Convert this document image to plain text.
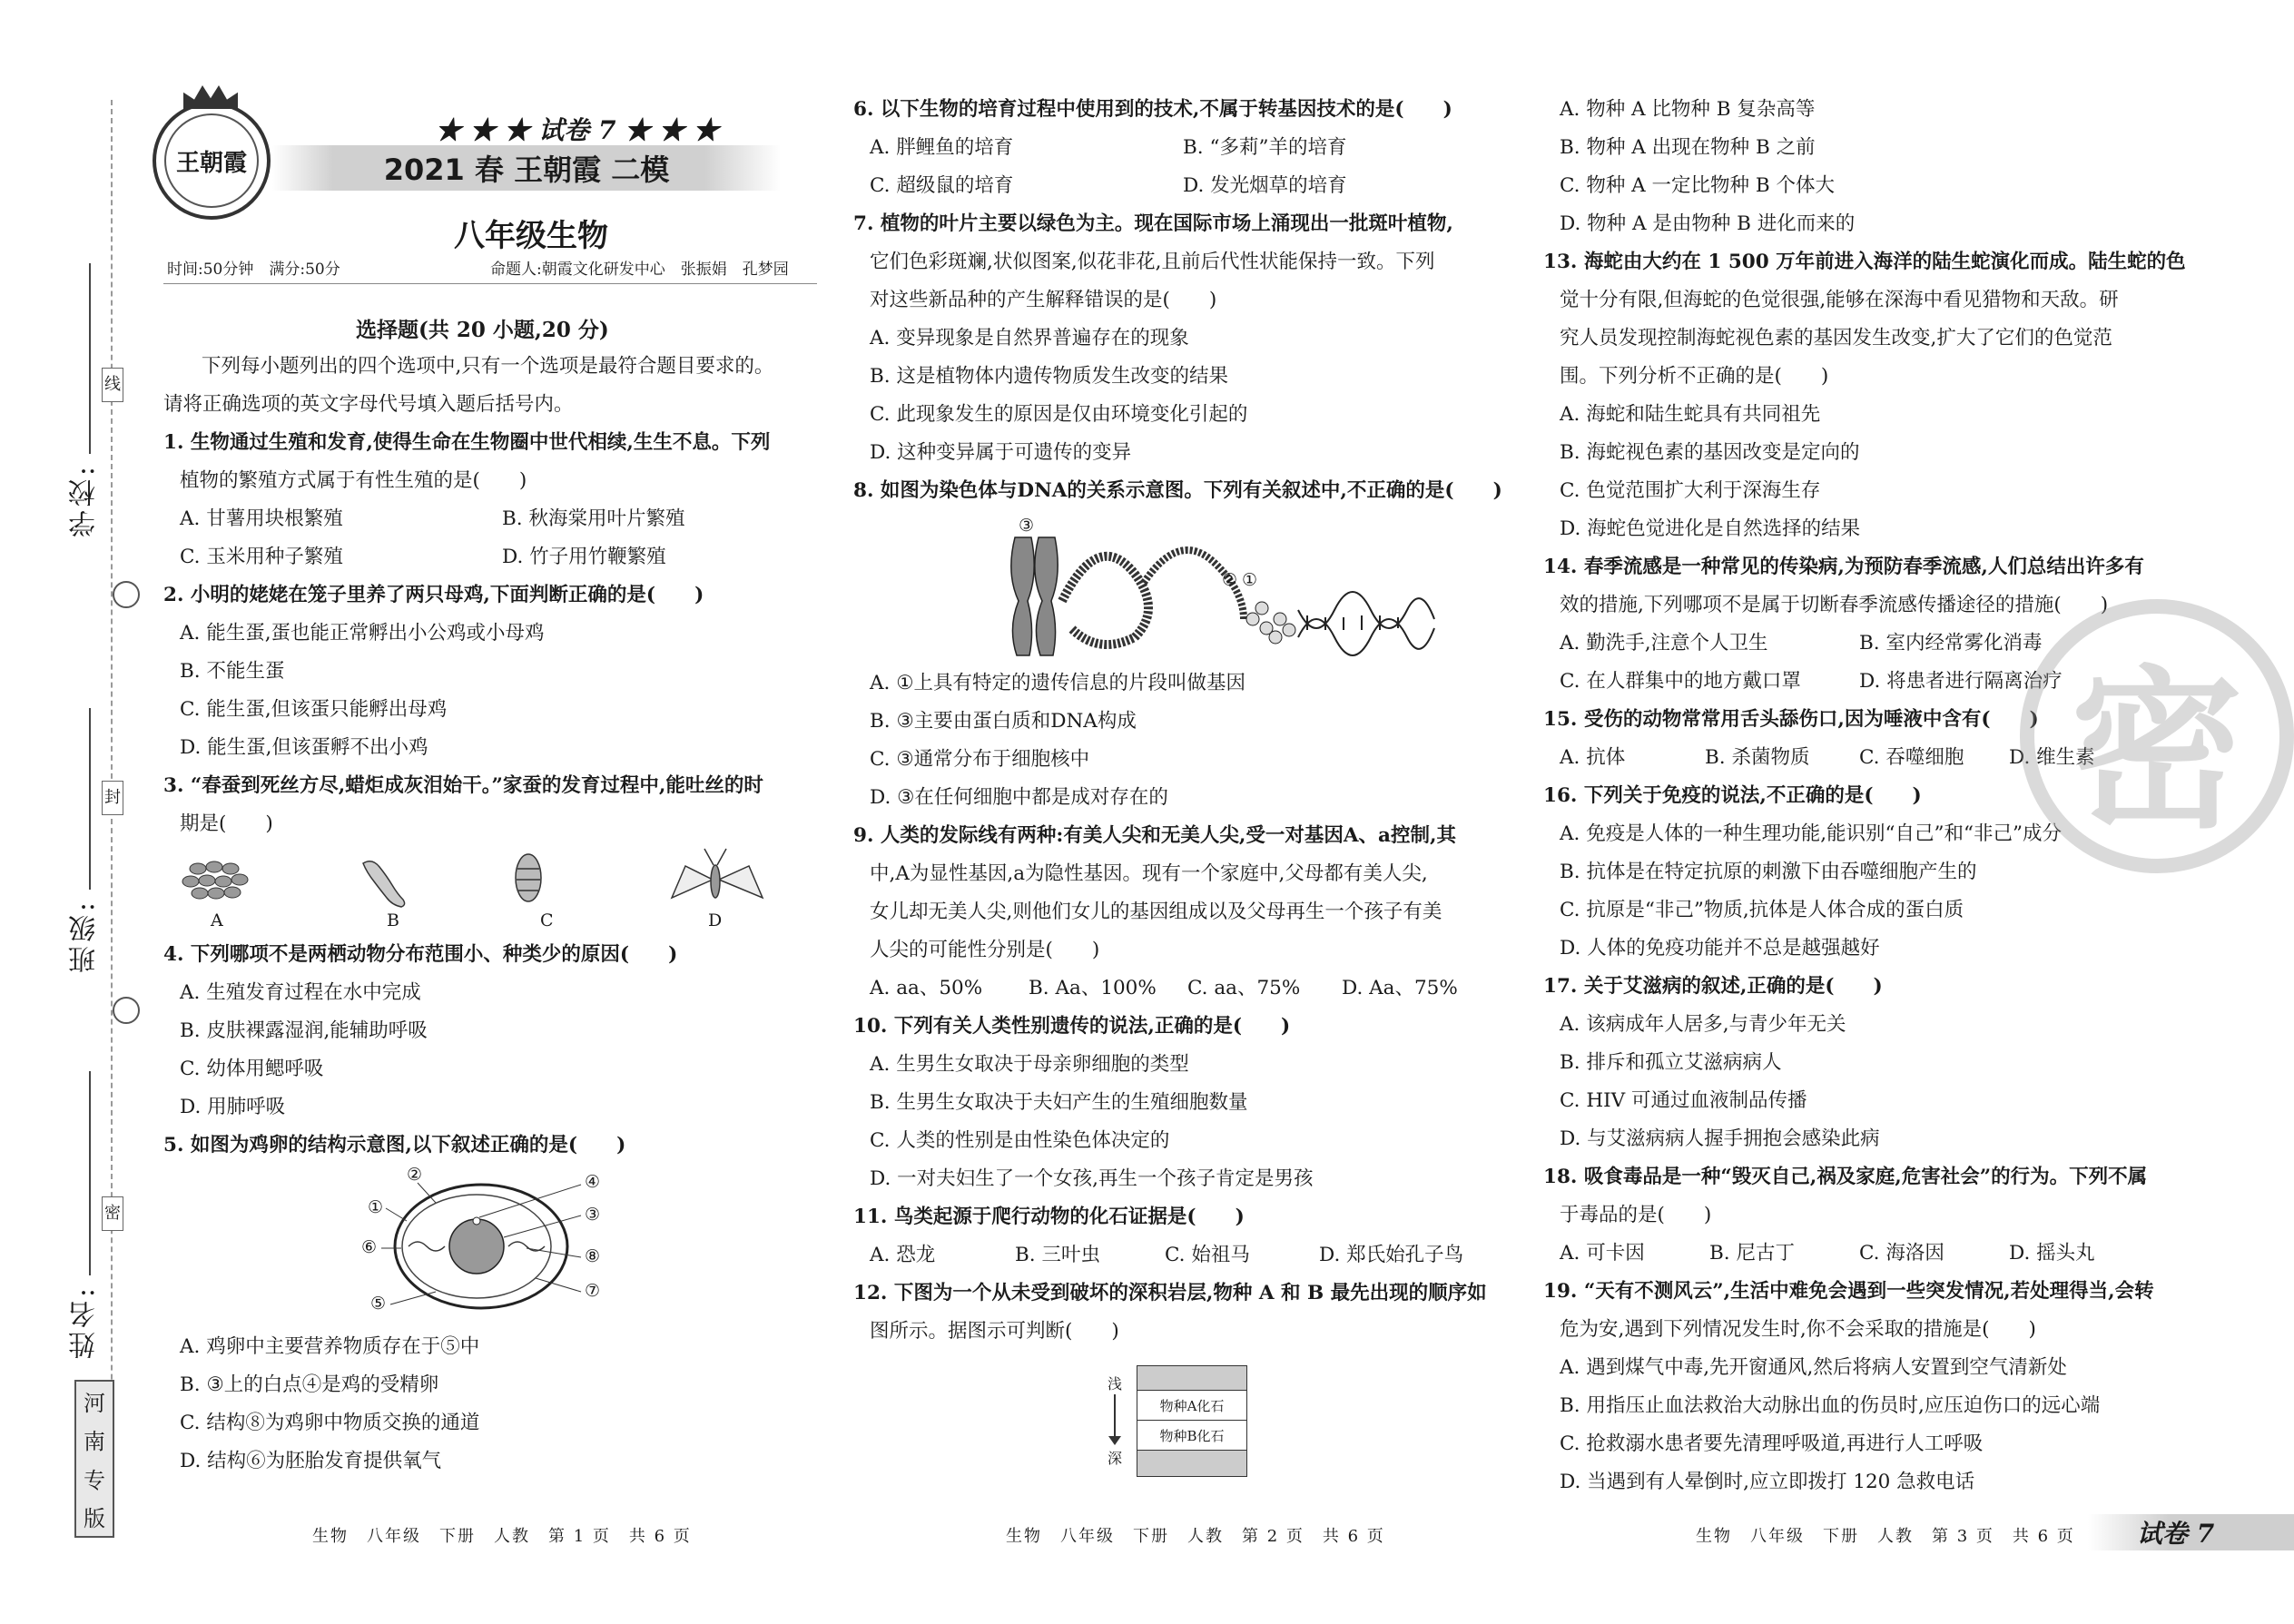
学校:
线
班级:
封
姓名:
密
河
南
专
版
王朝霞
★ ★ ★ 试卷 7 ★ ★ ★
2021 春 王朝霞 二模
八年级生物
时间:50分钟　满分:50分	命题人:朝霞文化研发中心　张振娟　孔梦园
选择题(共 20 小题,20 分)
下列每小题列出的四个选项中,只有一个选项是最符合题目要求的。
请将正确选项的英文字母代号填入题后括号内。
1. 生物通过生殖和发育,使得生命在生物圈中世代相续,生生不息。下列
植物的繁殖方式属于有性生殖的是(　　)
A. 甘薯用块根繁殖	B. 秋海棠用叶片繁殖
C. 玉米用种子繁殖	D. 竹子用竹鞭繁殖
2. 小明的姥姥在笼子里养了两只母鸡,下面判断正确的是(　　)
A. 能生蛋,蛋也能正常孵出小公鸡或小母鸡
B. 不能生蛋
C. 能生蛋,但该蛋只能孵出母鸡
D. 能生蛋,但该蛋孵不出小鸡
3. “春蚕到死丝方尽,蜡炬成灰泪始干。”家蚕的发育过程中,能吐丝的时
期是(　　)
A	B	C	D
4. 下列哪项不是两栖动物分布范围小、种类少的原因(　　)
A. 生殖发育过程在水中完成
B. 皮肤裸露湿润,能辅助呼吸
C. 幼体用鳃呼吸
D. 用肺呼吸
5. 如图为鸡卵的结构示意图,以下叙述正确的是(　　)
②
①
⑥
⑤
④
③
⑧
⑦
A. 鸡卵中主要营养物质存在于⑤中
B. ③上的白点④是鸡的受精卵
C. 结构⑧为鸡卵中物质交换的通道
D. 结构⑥为胚胎发育提供氧气
6. 以下生物的培育过程中使用到的技术,不属于转基因技术的是(　　)
A. 胖鲤鱼的培育	B. “多莉”羊的培育
C. 超级鼠的培育	D. 发光烟草的培育
7. 植物的叶片主要以绿色为主。现在国际市场上涌现出一批斑叶植物,
它们色彩斑斓,状似图案,似花非花,且前后代性状能保持一致。下列
对这些新品种的产生解释错误的是(　　)
A. 变异现象是自然界普遍存在的现象
B. 这是植物体内遗传物质发生改变的结果
C. 此现象发生的原因是仅由环境变化引起的
D. 这种变异属于可遗传的变异
8. 如图为染色体与DNA的关系示意图。下列有关叙述中,不正确的是(　　)
③
② ①
A. ①上具有特定的遗传信息的片段叫做基因
B. ③主要由蛋白质和DNA构成
C. ③通常分布于细胞核中
D. ③在任何细胞中都是成对存在的
9. 人类的发际线有两种:有美人尖和无美人尖,受一对基因A、a控制,其
中,A为显性基因,a为隐性基因。现有一个家庭中,父母都有美人尖,
女儿却无美人尖,则他们女儿的基因组成以及父母再生一个孩子有美
人尖的可能性分别是(　　)
A. aa、50%	B. Aa、100%	C. aa、75%	D. Aa、75%
10. 下列有关人类性别遗传的说法,正确的是(　　)
A. 生男生女取决于母亲卵细胞的类型
B. 生男生女取决于夫妇产生的生殖细胞数量
C. 人类的性别是由性染色体决定的
D. 一对夫妇生了一个女孩,再生一个孩子肯定是男孩
11. 鸟类起源于爬行动物的化石证据是(　　)
A. 恐龙	B. 三叶虫	C. 始祖马	D. 郑氏始孔子鸟
12. 下图为一个从未受到破坏的深积岩层,物种 A 和 B 最先出现的顺序如
图所示。据图示可判断(　　)
浅
深
物种A化石
物种B化石
A. 物种 A 比物种 B 复杂高等
B. 物种 A 出现在物种 B 之前
C. 物种 A 一定比物种 B 个体大
D. 物种 A 是由物种 B 进化而来的
13. 海蛇由大约在 1 500 万年前进入海洋的陆生蛇演化而成。陆生蛇的色
觉十分有限,但海蛇的色觉很强,能够在深海中看见猎物和天敌。研
究人员发现控制海蛇视色素的基因发生改变,扩大了它们的色觉范
围。下列分析不正确的是(　　)
A. 海蛇和陆生蛇具有共同祖先
B. 海蛇视色素的基因改变是定向的
C. 色觉范围扩大利于深海生存
D. 海蛇色觉进化是自然选择的结果
14. 春季流感是一种常见的传染病,为预防春季流感,人们总结出许多有
效的措施,下列哪项不是属于切断春季流感传播途径的措施(　　)
A. 勤洗手,注意个人卫生	B. 室内经常雾化消毒
C. 在人群集中的地方戴口罩	D. 将患者进行隔离治疗
15. 受伤的动物常常用舌头舔伤口,因为唾液中含有(　　)
A. 抗体	B. 杀菌物质	C. 吞噬细胞	D. 维生素
16. 下列关于免疫的说法,不正确的是(　　)
A. 免疫是人体的一种生理功能,能识别“自己”和“非己”成分
B. 抗体是在特定抗原的刺激下由吞噬细胞产生的
C. 抗原是“非己”物质,抗体是人体合成的蛋白质
D. 人体的免疫功能并不总是越强越好
17. 关于艾滋病的叙述,正确的是(　　)
A. 该病成年人居多,与青少年无关
B. 排斥和孤立艾滋病病人
C. HIV 可通过血液制品传播
D. 与艾滋病病人握手拥抱会感染此病
18. 吸食毒品是一种“毁灭自己,祸及家庭,危害社会”的行为。下列不属
于毒品的是(　　)
A. 可卡因	B. 尼古丁	C. 海洛因	D. 摇头丸
19. “天有不测风云”,生活中难免会遇到一些突发情况,若处理得当,会转
危为安,遇到下列情况发生时,你不会采取的措施是(　　)
A. 遇到煤气中毒,先开窗通风,然后将病人安置到空气清新处
B. 用指压止血法救治大动脉出血的伤员时,应压迫伤口的远心端
C. 抢救溺水患者要先清理呼吸道,再进行人工呼吸
D. 当遇到有人晕倒时,应立即拨打 120 急救电话
密
生物　八年级　下册　人教　第 1 页　共 6 页	生物　八年级　下册　人教　第 2 页　共 6 页	生物　八年级　下册　人教　第 3 页　共 6 页 试卷 7
